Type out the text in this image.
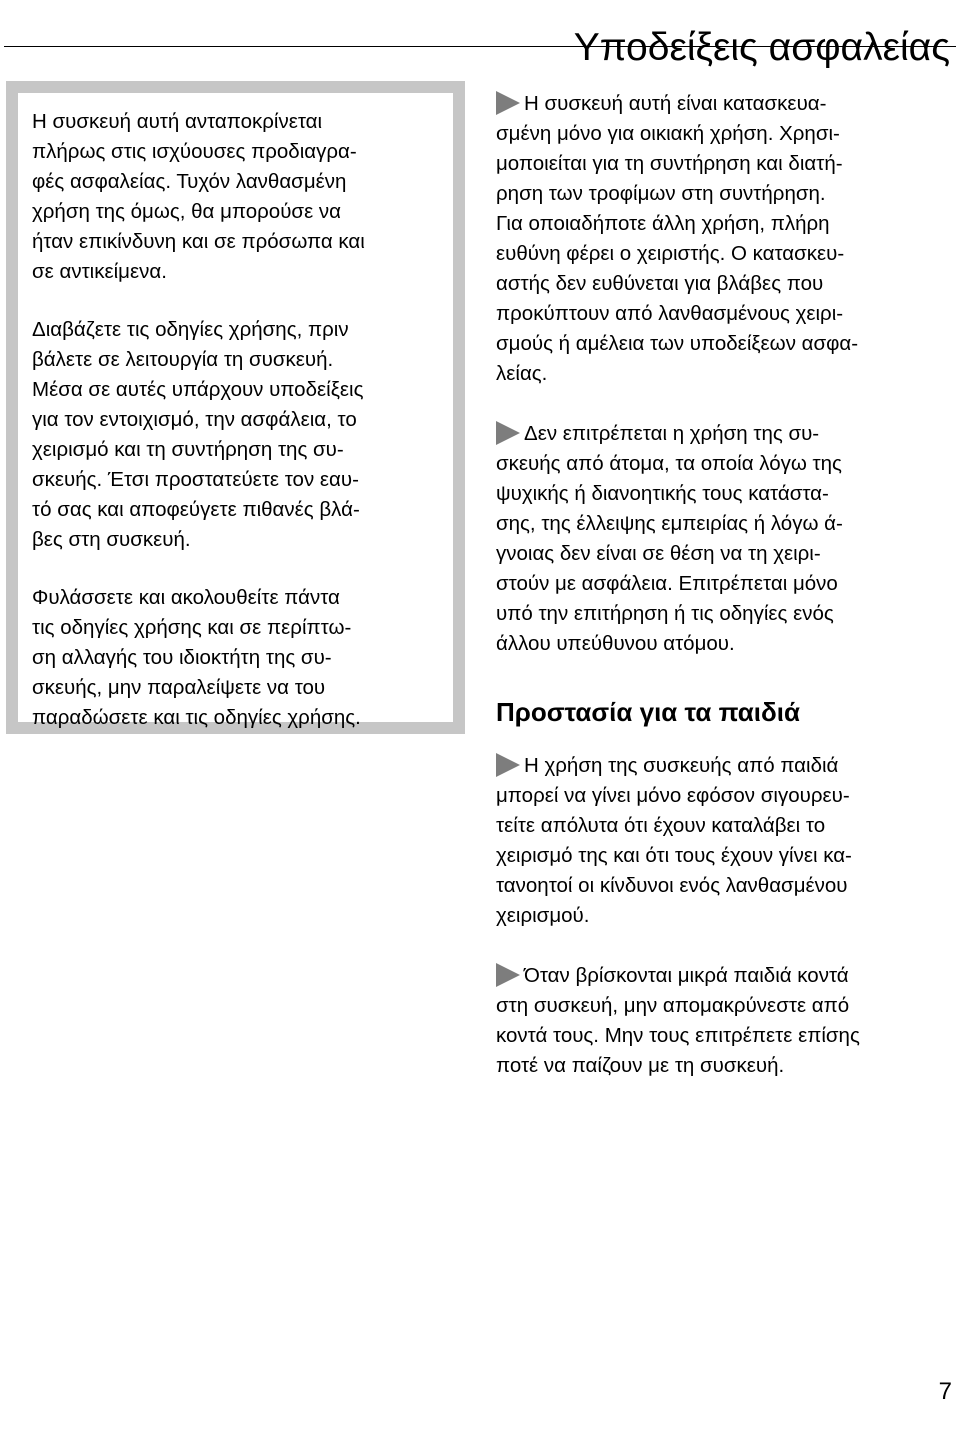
Υποδείξεις ασφαλείας

Η συσκευή αυτή ανταποκρίνεται
πλήρως στις ισχύουσες προδιαγρα-
φές ασφαλείας. Τυχόν λανθασμένη
χρήση της όμως, θα μπορούσε να
ήταν επικίνδυνη και σε πρόσωπα και
σε αντικείμενα.

Διαβάζετε τις οδηγίες χρήσης, πριν
βάλετε σε λειτουργία τη συσκευή.
Μέσα σε αυτές υπάρχουν υποδείξεις
για τον εντοιχισμό, την ασφάλεια, το
χειρισμό και τη συντήρηση της συ-
σκευής. Έτσι προστατεύετε τον εαυ-
τό σας και αποφεύγετε πιθανές βλά-
βες στη συσκευή.

Φυλάσσετε και ακολουθείτε πάντα
τις οδηγίες χρήσης και σε περίπτω-
ση αλλαγής του ιδιοκτήτη της συ-
σκευής, μην παραλείψετε να του
παραδώσετε και τις οδηγίες χρήσης.

Η συσκευή αυτή είναι κατασκευα-
σμένη μόνο για οικιακή χρήση. Χρησι-
μοποιείται για τη συντήρηση και διατή-
ρηση των τροφίμων στη συντήρηση.
Για οποιαδήποτε άλλη χρήση, πλήρη
ευθύνη φέρει ο χειριστής. Ο κατασκευ-
αστής δεν ευθύνεται για βλάβες που
προκύπτουν από λανθασμένους χειρι-
σμούς ή αμέλεια των υποδείξεων ασφα-
λείας.
Δεν επιτρέπεται η χρήση της συ-
σκευής από άτομα, τα οποία λόγω της
ψυχικής ή διανοητικής τους κατάστα-
σης, της έλλειψης εμπειρίας ή λόγω ά-
γνοιας δεν είναι σε θέση να τη χειρι-
στούν με ασφάλεια. Επιτρέπεται μόνο
υπό την επιτήρηση ή τις οδηγίες ενός
άλλου υπεύθυνου ατόμου.
Προστασία για τα παιδιά
Η χρήση της συσκευής από παιδιά
μπορεί να γίνει μόνο εφόσον σιγουρευ-
τείτε απόλυτα ότι έχουν καταλάβει το
χειρισμό της και ότι τους έχουν γίνει κα-
τανοητοί οι κίνδυνοι ενός λανθασμένου
χειρισμού.
Όταν βρίσκονται μικρά παιδιά κοντά
στη συσκευή, μην απομακρύνεστε από
κοντά τους. Μην τους επιτρέπετε επίσης
ποτέ να παίζουν με τη συσκευή.
7
